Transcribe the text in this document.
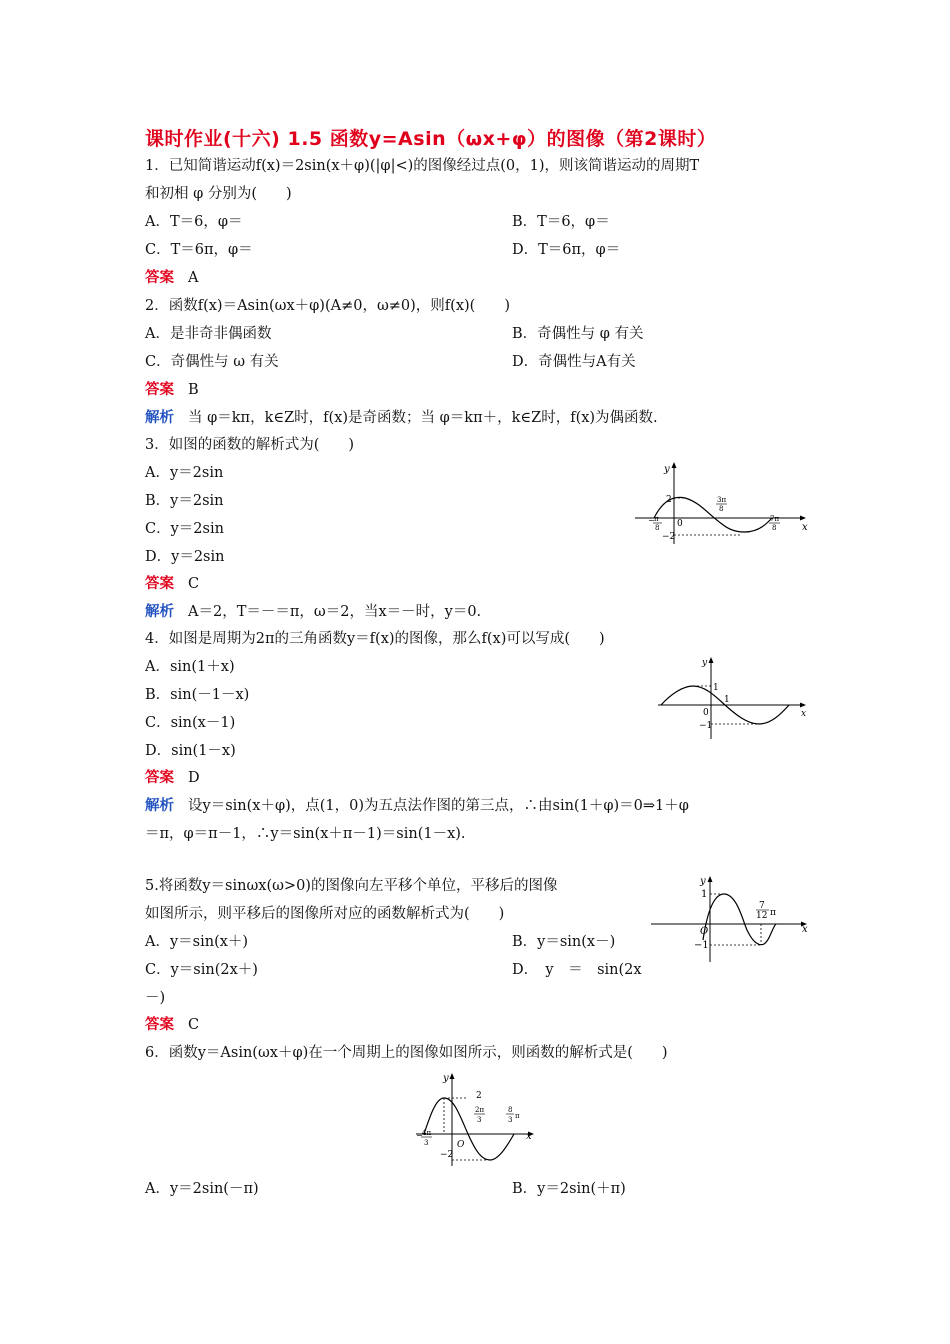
课时作业(十六) 1.5 函数y=Asin（ωx+φ）的图像（第2课时）
1．已知简谐运动f(x)＝2sin(x＋φ)(|φ|<)的图像经过点(0，1)，则该简谐运动的周期T
和初相 φ 分别为(　　)
A．T＝6，φ＝	B．T＝6，φ＝
C．T＝6π，φ＝	D．T＝6π，φ＝
答案 A
2．函数f(x)＝Asin(ωx＋φ)(A≠0，ω≠0)，则f(x)(　　)
A．是非奇非偶函数	B．奇偶性与 φ 有关
C．奇偶性与 ω 有关	D．奇偶性与A有关
答案 B
解析 当 φ＝kπ，k∈Z时，f(x)是奇函数；当 φ＝kπ＋，k∈Z时，f(x)为偶函数.
3．如图的函数的解析式为(　　)
A．y＝2sin
B．y＝2sin
C．y＝2sin
D．y＝2sin
答案 C
解析 A＝2，T＝－＝π，ω＝2，当x＝－时，y＝0.
y
x
2
−2
0
− π
8
3π
8
7π
8
4．如图是周期为2π的三角函数y＝f(x)的图像，那么f(x)可以写成(　　)
A．sin(1＋x)
B．sin(－1－x)
C．sin(x－1)
D．sin(1－x)
答案 D
解析 设y＝sin(x＋φ)，点(1，0)为五点法作图的第三点，∴由sin(1＋φ)＝0⇒1＋φ
＝π，φ＝π－1，∴y＝sin(x＋π－1)＝sin(1－x).
y
x
1
−1
0
1
5.将函数y＝sinωx(ω>0)的图像向左平移个单位，平移后的图像
如图所示，则平移后的图像所对应的函数解析式为(　　)
A．y＝sin(x＋)	B．y＝sin(x－)
C．y＝sin(2x＋)	D．　y　＝　sin(2x
－)
答案 C
y
x
1
−1
O
7
12 π
6．函数y＝Asin(ωx＋φ)在一个周期上的图像如图所示，则函数的解析式是(　　)
y
x
2
−2
O
− 4π
3
2π
3
8
3 π
A．y＝2sin(－π)	B．y＝2sin(＋π)
